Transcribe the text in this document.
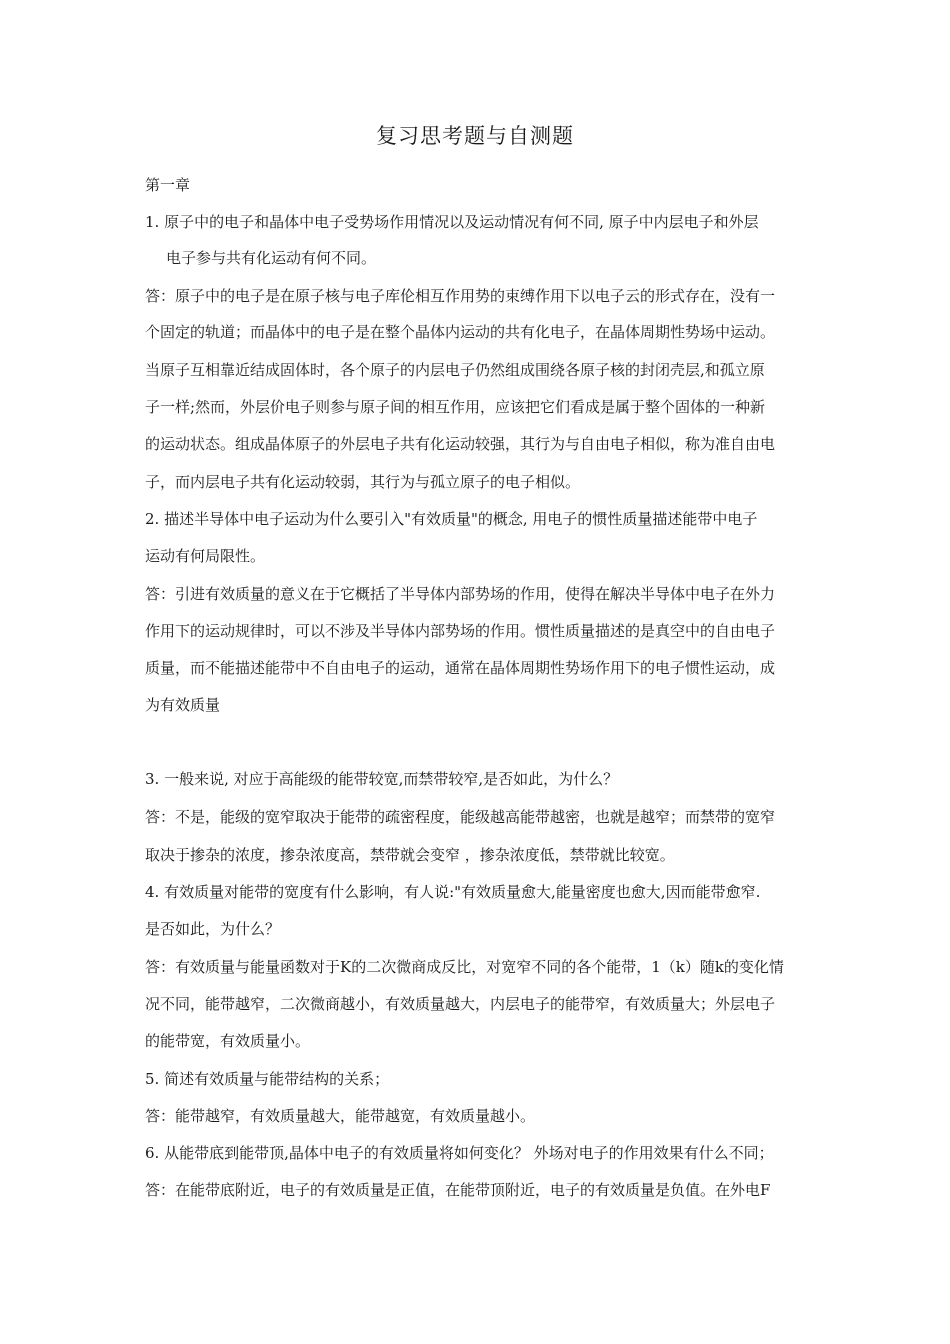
复习思考题与自测题
第一章
1. 原子中的电子和晶体中电子受势场作用情况以及运动情况有何不同, 原子中内层电子和外层
电子参与共有化运动有何不同。
答：原子中的电子是在原子核与电子库伦相互作用势的束缚作用下以电子云的形式存在，没有一
个固定的轨道；而晶体中的电子是在整个晶体内运动的共有化电子，在晶体周期性势场中运动。
当原子互相靠近结成固体时，各个原子的内层电子仍然组成围绕各原子核的封闭壳层,和孤立原
子一样;然而，外层价电子则参与原子间的相互作用，应该把它们看成是属于整个固体的一种新
的运动状态。组成晶体原子的外层电子共有化运动较强，其行为与自由电子相似，称为准自由电
子，而内层电子共有化运动较弱，其行为与孤立原子的电子相似。
2. 描述半导体中电子运动为什么要引入"有效质量"的概念, 用电子的惯性质量描述能带中电子
运动有何局限性。
答：引进有效质量的意义在于它概括了半导体内部势场的作用，使得在解决半导体中电子在外力
作用下的运动规律时，可以不涉及半导体内部势场的作用。惯性质量描述的是真空中的自由电子
质量，而不能描述能带中不自由电子的运动，通常在晶体周期性势场作用下的电子惯性运动，成
为有效质量
3. 一般来说, 对应于高能级的能带较宽,而禁带较窄,是否如此，为什么？
答：不是，能级的宽窄取决于能带的疏密程度，能级越高能带越密，也就是越窄；而禁带的宽窄
取决于掺杂的浓度，掺杂浓度高，禁带就会变窄 ，掺杂浓度低，禁带就比较宽。
4. 有效质量对能带的宽度有什么影响，有人说:"有效质量愈大,能量密度也愈大,因而能带愈窄.
是否如此，为什么？
答：有效质量与能量函数对于K的二次微商成反比，对宽窄不同的各个能带，1（k）随k的变化情
况不同，能带越窄，二次微商越小，有效质量越大，内层电子的能带窄，有效质量大；外层电子
的能带宽，有效质量小。
5. 简述有效质量与能带结构的关系；
答：能带越窄，有效质量越大，能带越宽，有效质量越小。
6. 从能带底到能带顶,晶体中电子的有效质量将如何变化？ 外场对电子的作用效果有什么不同；
答：在能带底附近，电子的有效质量是正值，在能带顶附近，电子的有效质量是负值。在外电F
